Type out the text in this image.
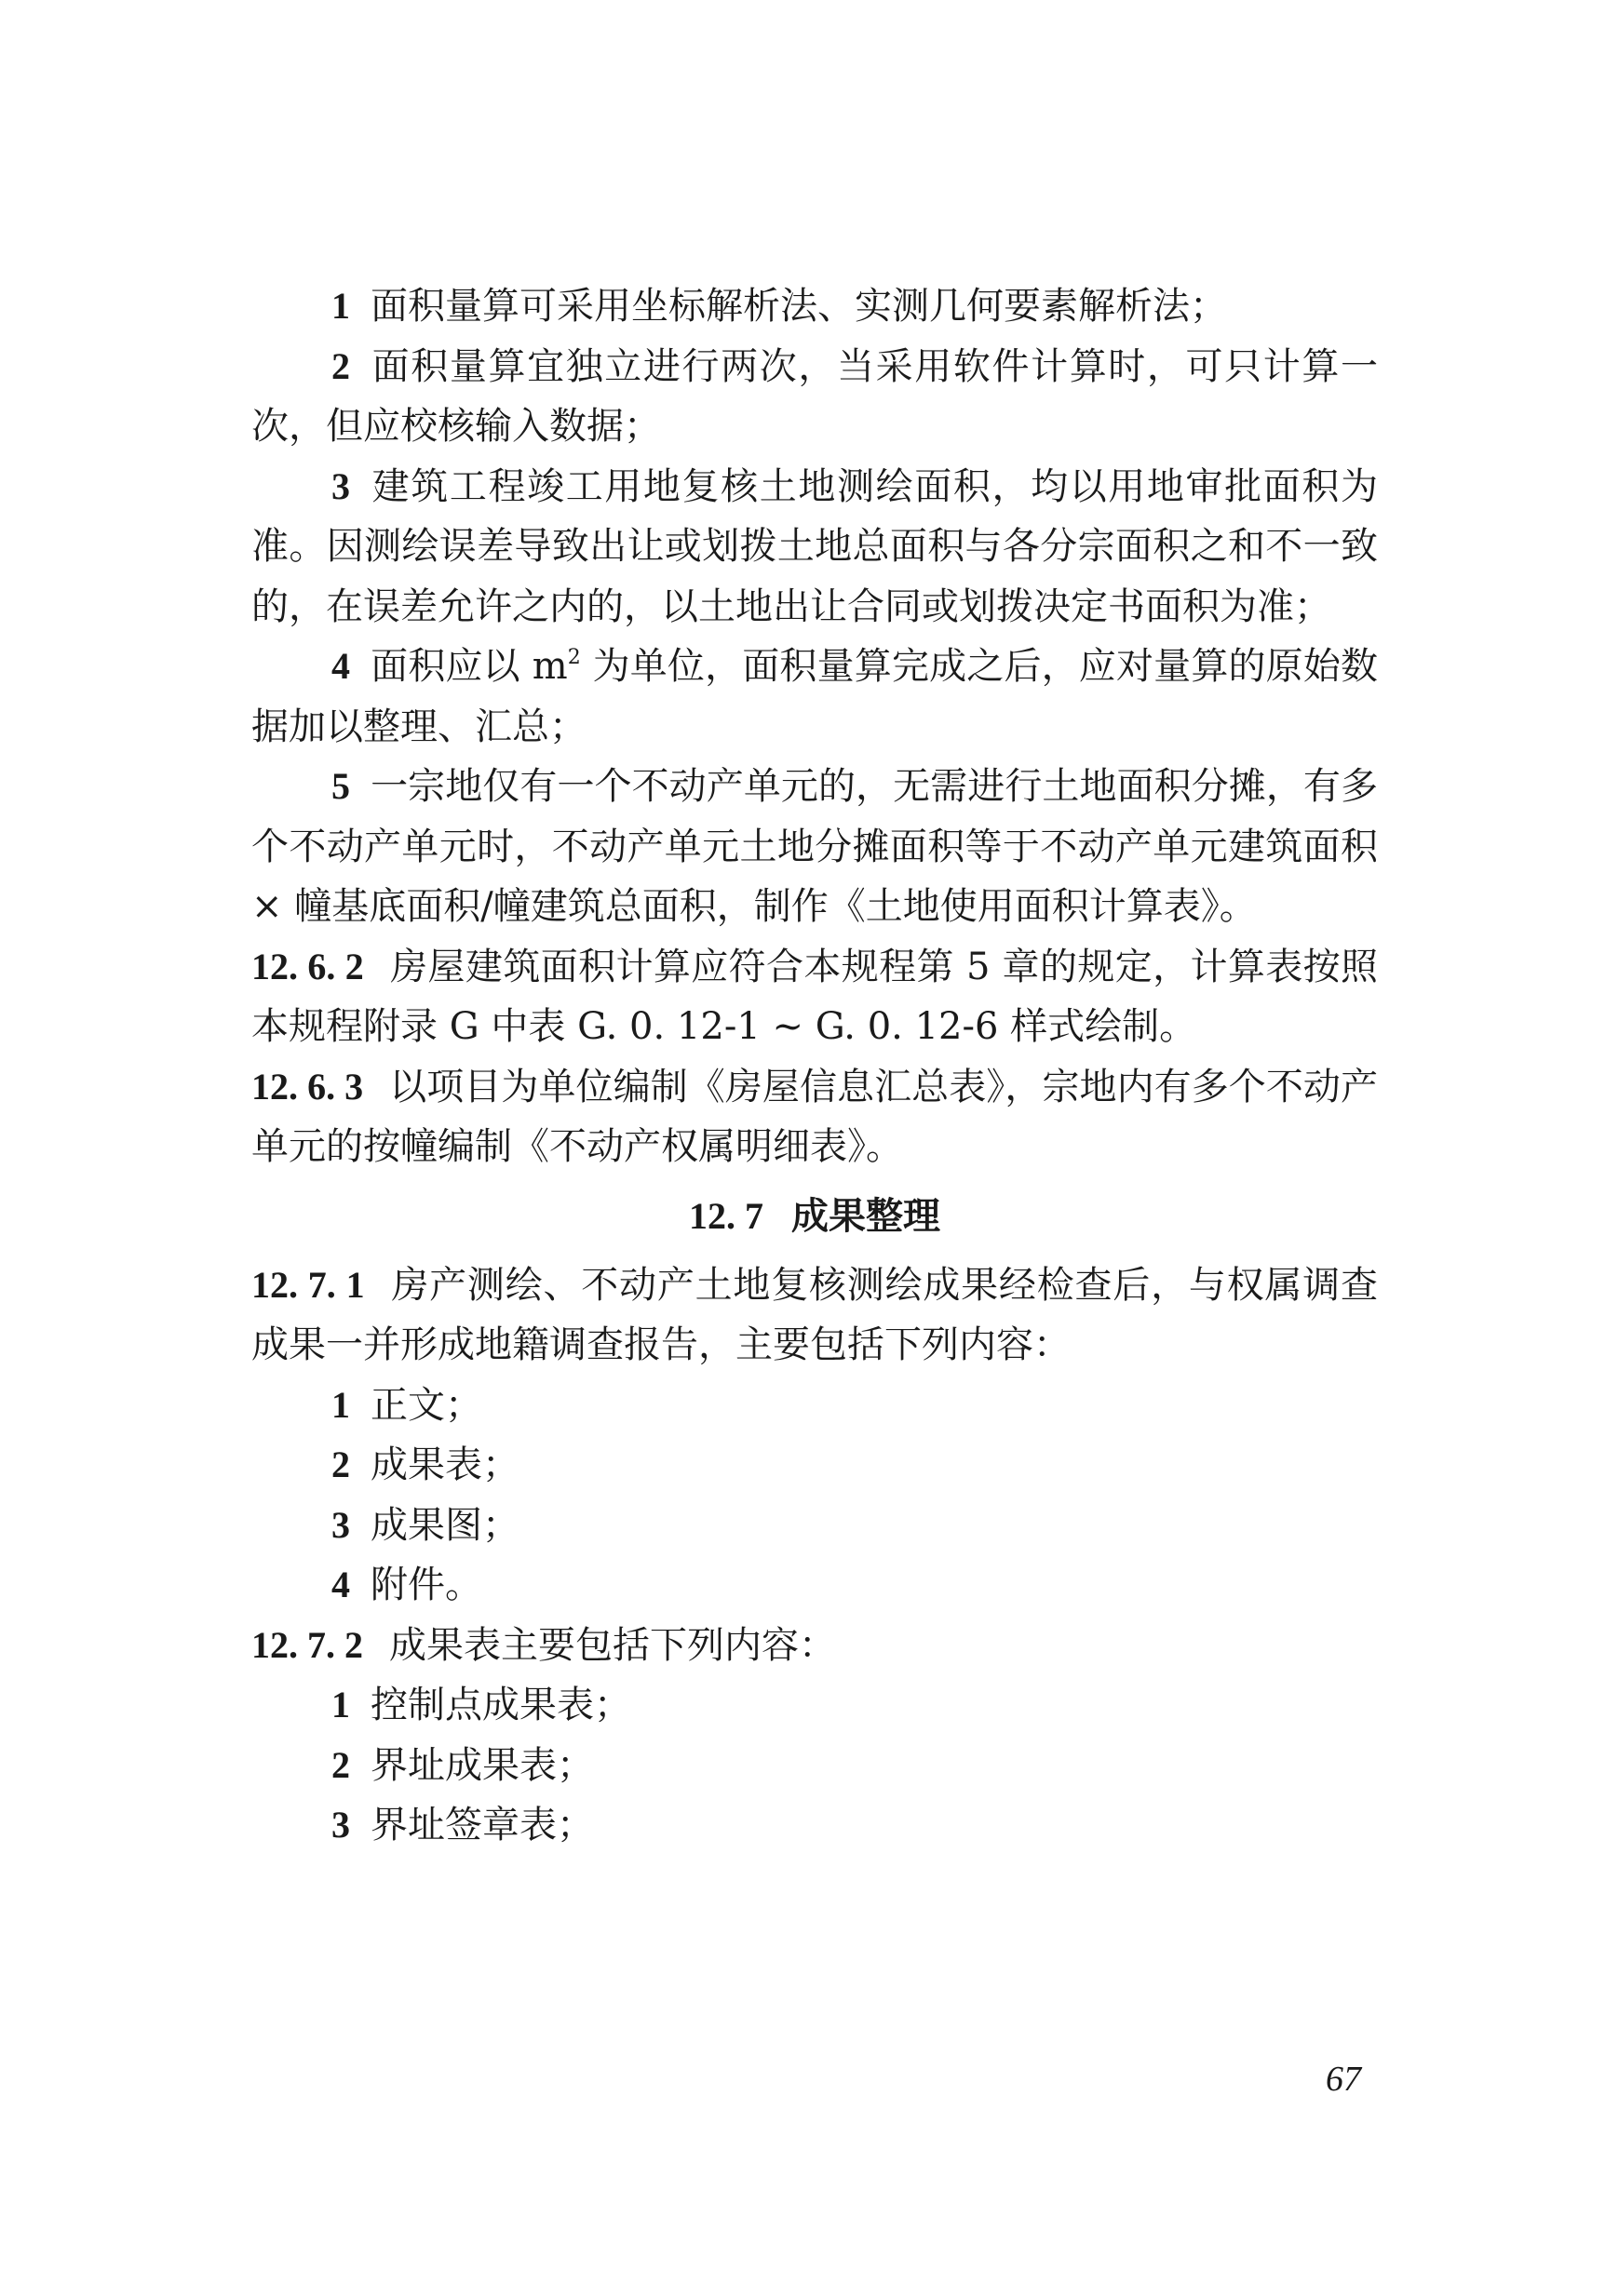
1 面积量算可采用坐标解析法、实测几何要素解析法；

2 面积量算宜独立进行两次，当采用软件计算时，可只计算一次，但应校核输入数据；

3 建筑工程竣工用地复核土地测绘面积，均以用地审批面积为准。因测绘误差导致出让或划拨土地总面积与各分宗面积之和不一致的，在误差允许之内的，以土地出让合同或划拨决定书面积为准；

4 面积应以 $m^2$ 为单位，面积量算完成之后，应对量算的原始数据加以整理、汇总；

5 一宗地仅有一个不动产单元的，无需进行土地面积分摊，有多个不动产单元时，不动产单元土地分摊面积等于不动产单元建筑面积 × 幢基底面积/幢建筑总面积，制作《土地使用面积计算表》。

12. 6. 2 房屋建筑面积计算应符合本规程第 5 章的规定，计算表按照本规程附录 G 中表 G. 0. 12-1 ~ G. 0. 12-6 样式绘制。

12. 6. 3 以项目为单位编制《房屋信息汇总表》，宗地内有多个不动产单元的按幢编制《不动产权属明细表》。

12. 7 成果整理

12. 7. 1 房产测绘、不动产土地复核测绘成果经检查后，与权属调查成果一并形成地籍调查报告，主要包括下列内容：

1 正文；

2 成果表；

3 成果图；

4 附件。

12. 7. 2 成果表主要包括下列内容：

1 控制点成果表；

2 界址成果表；

3 界址签章表；

67
